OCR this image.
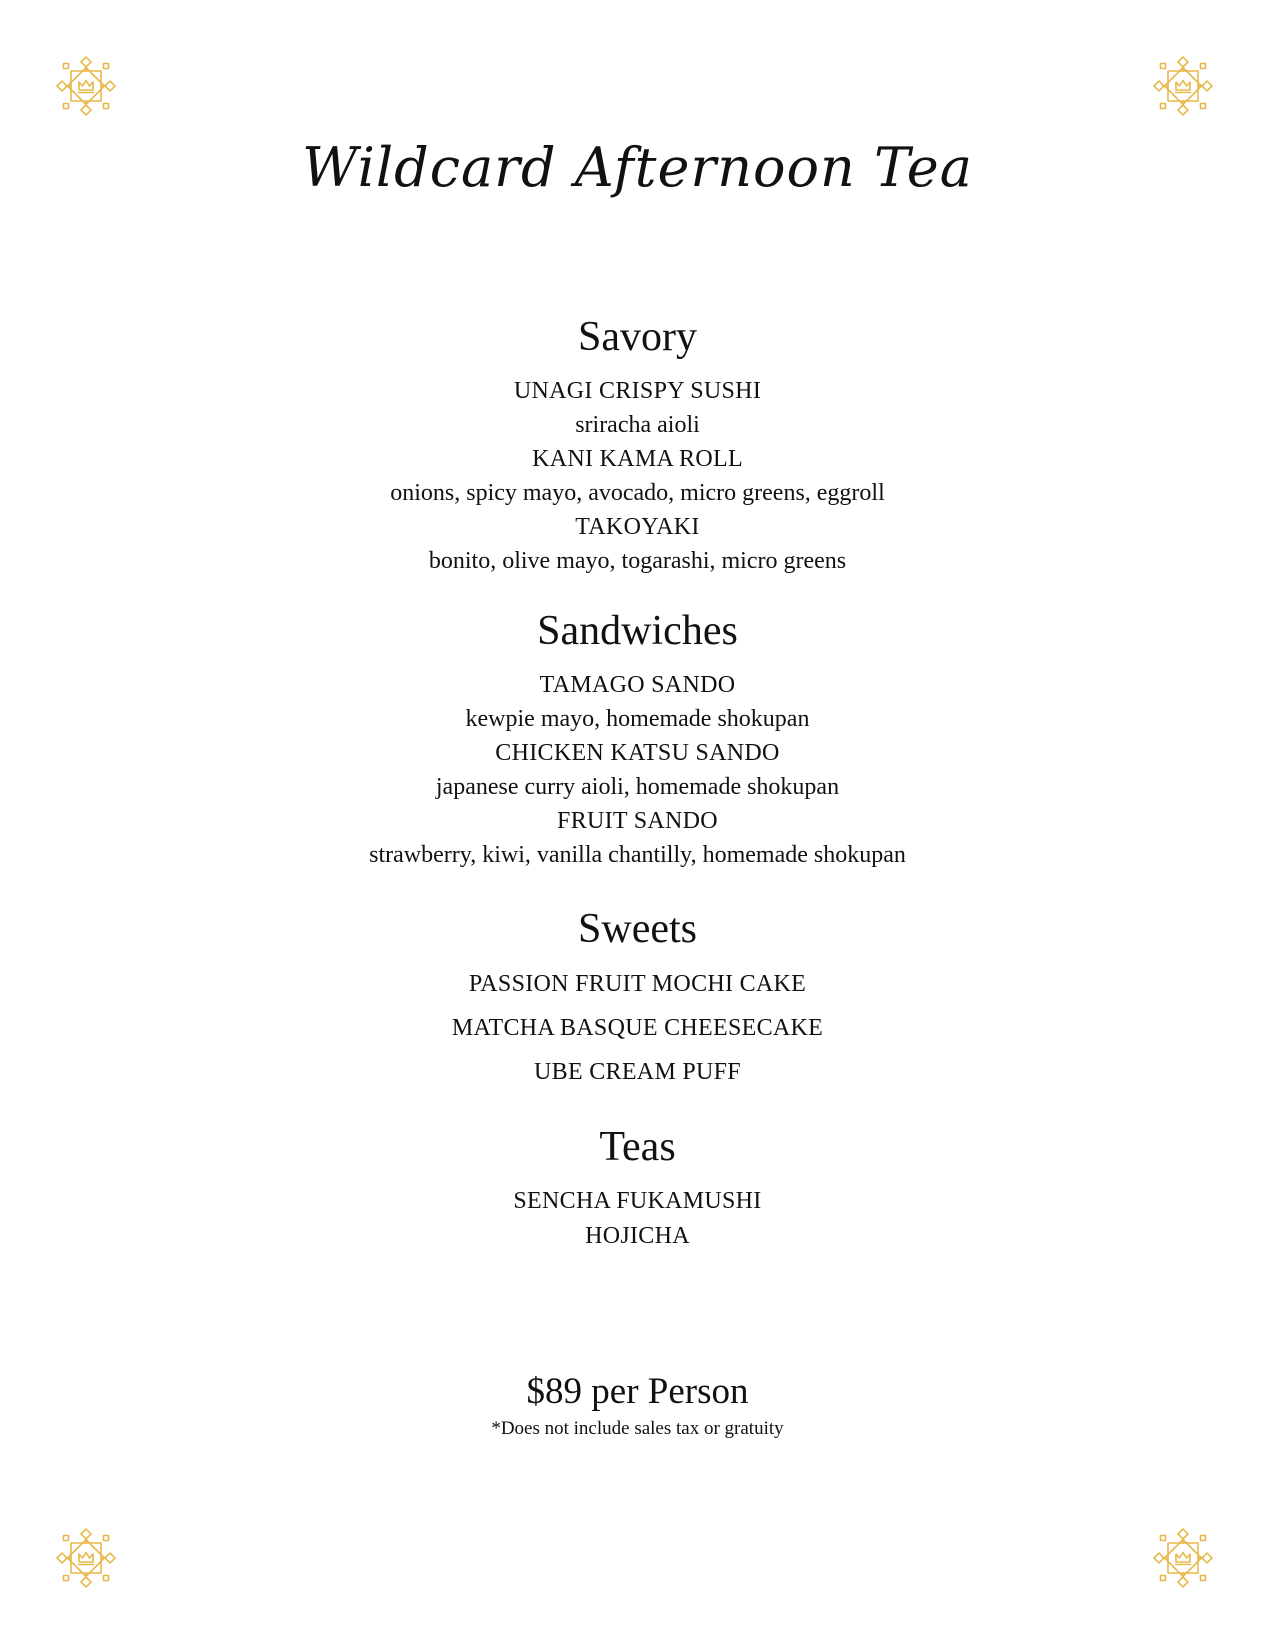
Wildcard Afternoon Tea
Savory
UNAGI CRISPY SUSHI
sriracha aioli
KANI KAMA ROLL
onions, spicy mayo, avocado, micro greens, eggroll
TAKOYAKI
bonito, olive mayo, togarashi, micro greens
Sandwiches
TAMAGO SANDO
kewpie mayo, homemade shokupan
CHICKEN KATSU SANDO
japanese curry aioli, homemade shokupan
FRUIT SANDO
strawberry, kiwi, vanilla chantilly, homemade shokupan
Sweets
PASSION FRUIT MOCHI CAKE
MATCHA BASQUE CHEESECAKE
UBE CREAM PUFF
Teas
SENCHA FUKAMUSHI
HOJICHA

$89 per Person

*Does not include sales tax or gratuity
